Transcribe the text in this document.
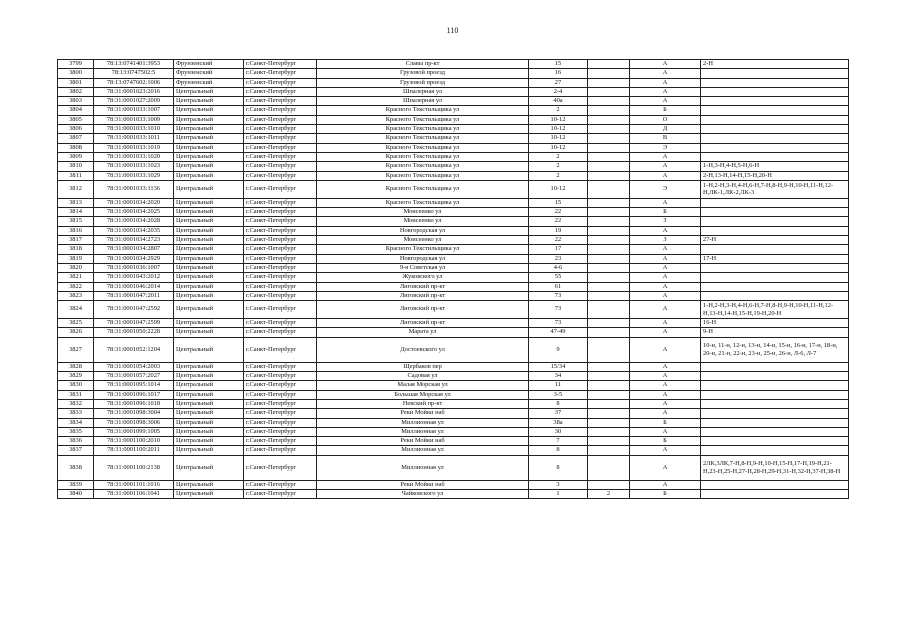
110
3799	78:13:0741401:3953	Фрунзенский	г.Санкт-Петербург	Славы пр-кт	15		А	2-Н
3800	78:13:0747502:5	Фрунзенский	г.Санкт-Петербург	Грузовой проезд	16		А	
3801	78:13:0747602:1006	Фрунзенский	г.Санкт-Петербург	Грузовой проезд	27		А	
3802	78:31:0001023:2016	Центральный	г.Санкт-Петербург	Шпалерная ул	2-4		А	
3803	78:31:0001027:2009	Центральный	г.Санкт-Петербург	Шпалерная ул	40а		А	
3804	78:31:0001033:1007	Центральный	г.Санкт-Петербург	Красного Текстильщика ул	2		Б	
3805	78:31:0001033:1009	Центральный	г.Санкт-Петербург	Красного Текстильщика ул	10-12		О	
3806	78:31:0001033:1010	Центральный	г.Санкт-Петербург	Красного Текстильщика ул	10-12		Д	
3807	78:31:0001033:1011	Центральный	г.Санкт-Петербург	Красного Текстильщика ул	10-12		В	
3808	78:31:0001033:1019	Центральный	г.Санкт-Петербург	Красного Текстильщика ул	10-12		Э	
3809	78:31:0001033:1020	Центральный	г.Санкт-Петербург	Красного Текстильщика ул	2		А	
3810	78:31:0001033:1023	Центральный	г.Санкт-Петербург	Красного Текстильщика ул	2		А	1-Н,3-Н,4-Н,5-Н,6-Н
3811	78:31:0001033:1029	Центральный	г.Санкт-Петербург	Красного Текстильщика ул	2		А	2-Н,13-Н,14-Н,15-Н,20-Н
3812	78:31:0001033:1136	Центральный	г.Санкт-Петербург	Красного Текстильщика ул	10-12		Э	1-Н,2-Н,3-Н,4-Н,6-Н,7-Н,8-Н,9-Н,10-Н,11-Н,12-Н,ЛК-1,ЛК-2,ЛК-3
3813	78:31:0001034:2020	Центральный	г.Санкт-Петербург	Красного Текстильщика ул	15		А	
3814	78:31:0001034:2025	Центральный	г.Санкт-Петербург	Моисеенко ул	22		Б	
3815	78:31:0001034:2028	Центральный	г.Санкт-Петербург	Моисеенко ул	22		З	
3816	78:31:0001034:2035	Центральный	г.Санкт-Петербург	Новгородская ул	19		А	
3817	78:31:0001034:2723	Центральный	г.Санкт-Петербург	Моисеенко ул	22		З	27-Н
3818	78:31:0001034:2807	Центральный	г.Санкт-Петербург	Красного Текстильщика ул	17		А	
3819	78:31:0001034:2929	Центральный	г.Санкт-Петербург	Новгородская ул	23		А	17-Н
3820	78:31:0001036:1007	Центральный	г.Санкт-Петербург	9-я Советская ул	4-6		А	
3821	78:31:0001043:2012	Центральный	г.Санкт-Петербург	Жуковского ул	55		А	
3822	78:31:0001046:2014	Центральный	г.Санкт-Петербург	Лиговский пр-кт	61		А	
3823	78:31:0001047:2011	Центральный	г.Санкт-Петербург	Лиговский пр-кт	73		А	
3824	78:31:0001047:2592	Центральный	г.Санкт-Петербург	Лиговский пр-кт	73		А	1-Н,2-Н,3-Н,4-Н,6-Н,7-Н,8-Н,9-Н,10-Н,11-Н,12-Н,13-Н,14-Н,15-Н,19-Н,20-Н
3825	78:31:0001047:2599	Центральный	г.Санкт-Петербург	Лиговский пр-кт	73		А	16-Н
3826	78:31:0001050:2228	Центральный	г.Санкт-Петербург	Марата ул	47-49		А	9-Н
3827	78:31:0001052:1204	Центральный	г.Санкт-Петербург	Достоевского ул	9		А	10-н, 11-н, 12-н, 13-н, 14-н, 15-н, 16-н, 17-н, 18-н, 20-н, 21-н, 22-н, 23-н, 25-н, 26-н, Л-6, Л-7
3828	78:31:0001054:2003	Центральный	г.Санкт-Петербург	Щербаков пер	15/34		А	
3829	78:31:0001057:2027	Центральный	г.Санкт-Петербург	Садовая ул	34		А	
3830	78:31:0001095:1014	Центральный	г.Санкт-Петербург	Малая Морская ул	11		А	
3831	78:31:0001096:1017	Центральный	г.Санкт-Петербург	Большая Морская ул	3-5		А	
3832	78:31:0001096:1018	Центральный	г.Санкт-Петербург	Невский пр-кт	8		А	
3833	78:31:0001098:3004	Центральный	г.Санкт-Петербург	Реки Мойки наб	37		А	
3834	78:31:0001098:3006	Центральный	г.Санкт-Петербург	Миллионная ул	38а		Б	
3835	78:31:0001099:1005	Центральный	г.Санкт-Петербург	Миллионная ул	30		А	
3836	78:31:0001100:2010	Центральный	г.Санкт-Петербург	Реки Мойки наб	7		Б	
3837	78:31:0001100:2011	Центральный	г.Санкт-Петербург	Миллионная ул	8		А	
3838	78:31:0001100:2138	Центральный	г.Санкт-Петербург	Миллионная ул	8		А	2ЛК,3ЛК,7-Н,8-Н,9-Н,10-Н,15-Н,17-Н,19-Н,21-Н,23-Н,25-Н,27-Н,28-Н,29-Н,31-Н,32-Н,37-Н,38-Н
3839	78:31:0001101:1016	Центральный	г.Санкт-Петербург	Реки Мойки наб	3		А	
3840	78:31:0001106:1041	Центральный	г.Санкт-Петербург	Чайковского ул	1	2	Б	
